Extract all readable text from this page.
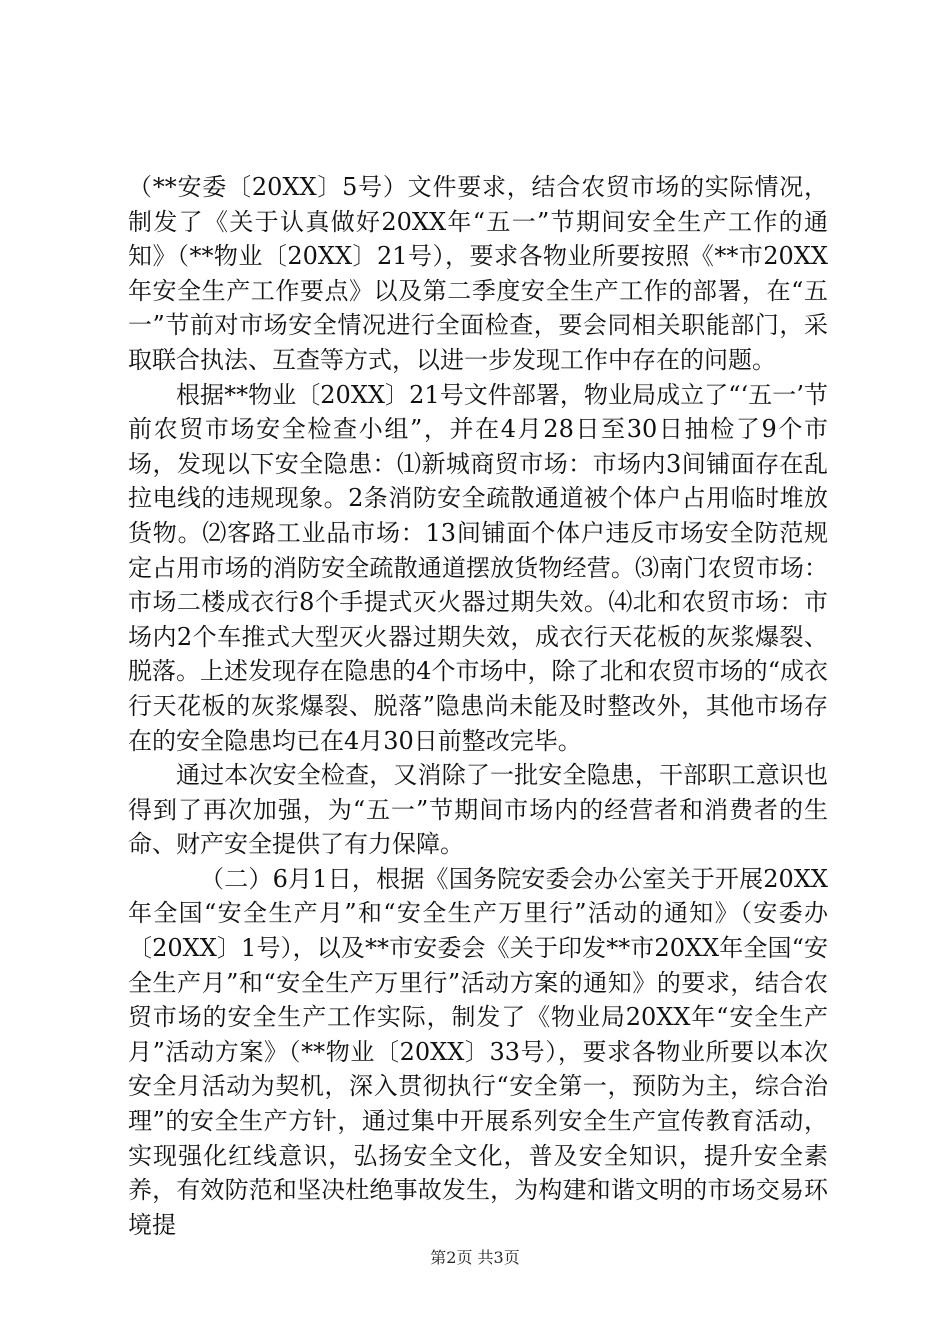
（**安委〔20XX〕5号）文件要求，结合农贸市场的实际情况，制发了《关于认真做好20XX年“五一”节期间安全生产工作的通知》（**物业〔20XX〕21号），要求各物业所要按照《**市20XX年安全生产工作要点》以及第二季度安全生产工作的部署，在“五一”节前对市场安全情况进行全面检查，要会同相关职能部门，采取联合执法、互查等方式，以进一步发现工作中存在的问题。

根据**物业〔20XX〕21号文件部署，物业局成立了“‘五一’节前农贸市场安全检查小组”，并在4月28日至30日抽检了9个市场，发现以下安全隐患：⑴新城商贸市场：市场内3间铺面存在乱拉电线的违规现象。2条消防安全疏散通道被个体户占用临时堆放货物。⑵客路工业品市场：13间铺面个体户违反市场安全防范规定占用市场的消防安全疏散通道摆放货物经营。⑶南门农贸市场：市场二楼成衣行8个手提式灭火器过期失效。⑷北和农贸市场：市场内2个车推式大型灭火器过期失效，成衣行天花板的灰浆爆裂、脱落。上述发现存在隐患的4个市场中，除了北和农贸市场的“成衣行天花板的灰浆爆裂、脱落”隐患尚未能及时整改外，其他市场存在的安全隐患均已在4月30日前整改完毕。

通过本次安全检查，又消除了一批安全隐患，干部职工意识也得到了再次加强，为“五一”节期间市场内的经营者和消费者的生命、财产安全提供了有力保障。

（二）6月1日，根据《国务院安委会办公室关于开展20XX年全国“安全生产月”和“安全生产万里行”活动的通知》（安委办〔20XX〕1号），以及**市安委会《关于印发**市20XX年全国“安全生产月”和“安全生产万里行”活动方案的通知》的要求，结合农贸市场的安全生产工作实际，制发了《物业局20XX年“安全生产月”活动方案》（**物业〔20XX〕33号），要求各物业所要以本次安全月活动为契机，深入贯彻执行“安全第一，预防为主，综合治理”的安全生产方针，通过集中开展系列安全生产宣传教育活动，实现强化红线意识，弘扬安全文化，普及安全知识，提升安全素养，有效防范和坚决杜绝事故发生，为构建和谐文明的市场交易环境提

第2页 共3页
